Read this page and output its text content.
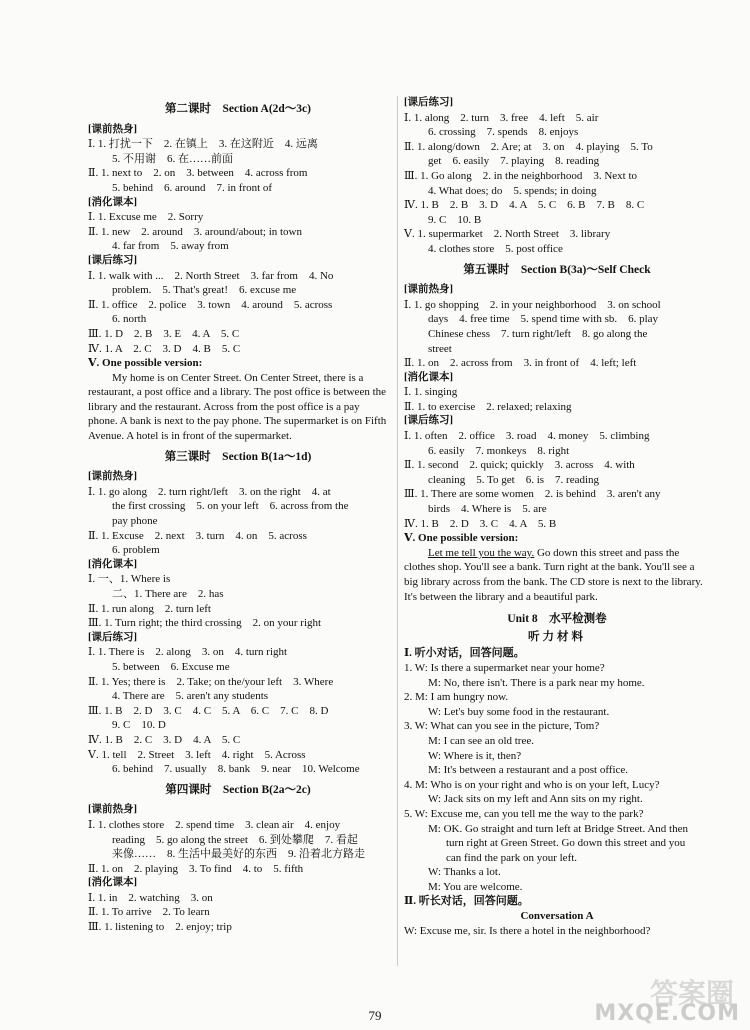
第二课时　Section A(2d～3c)
[课前热身]
Ⅰ. 1. 打扰一下　2. 在镇上　3. 在这附近　4. 远离
5. 不用谢　6. 在……前面
Ⅱ. 1. next to　2. on　3. between　4. across from
5. behind　6. around　7. in front of
[消化课本]
Ⅰ. 1. Excuse me　2. Sorry
Ⅱ. 1. new　2. around　3. around/about; in town
4. far from　5. away from
[课后练习]
Ⅰ. 1. walk with ...　2. North Street　3. far from　4. No
problem.　5. That's great!　6. excuse me
Ⅱ. 1. office　2. police　3. town　4. around　5. across
6. north
Ⅲ. 1. D　2. B　3. E　4. A　5. C
Ⅳ. 1. A　2. C　3. D　4. B　5. C
Ⅴ. One possible version:
My home is on Center Street. On Center Street, there is a restaurant, a post office and a library. The post office is between the library and the restaurant. Across from the post office is a pay phone. A bank is next to the pay phone. The supermarket is on Fifth Avenue. A hotel is in front of the supermarket.
第三课时　Section B(1a～1d)
[课前热身]
Ⅰ. 1. go along　2. turn right/left　3. on the right　4. at
the first crossing　5. on your left　6. across from the
pay phone
Ⅱ. 1. Excuse　2. next　3. turn　4. on　5. across
6. problem
[消化课本]
Ⅰ. 一、1. Where is
二、1. There are　2. has
Ⅱ. 1. run along　2. turn left
Ⅲ. 1. Turn right; the third crossing　2. on your right
[课后练习]
Ⅰ. 1. There is　2. along　3. on　4. turn right
5. between　6. Excuse me
Ⅱ. 1. Yes; there is　2. Take; on the/your left　3. Where
4. There are　5. aren't any students
Ⅲ. 1. B　2. D　3. C　4. C　5. A　6. C　7. C　8. D
9. C　10. D
Ⅳ. 1. B　2. C　3. D　4. A　5. C
Ⅴ. 1. tell　2. Street　3. left　4. right　5. Across
6. behind　7. usually　8. bank　9. near　10. Welcome
第四课时　Section B(2a～2c)
[课前热身]
Ⅰ. 1. clothes store　2. spend time　3. clean air　4. enjoy
reading　5. go along the street　6. 到处攀爬　7. 看起
来像……　8. 生活中最美好的东西　9. 沿着北方路走
Ⅱ. 1. on　2. playing　3. To find　4. to　5. fifth
[消化课本]
Ⅰ. 1. in　2. watching　3. on
Ⅱ. 1. To arrive　2. To learn
Ⅲ. 1. listening to　2. enjoy; trip
[课后练习]
Ⅰ. 1. along　2. turn　3. free　4. left　5. air
6. crossing　7. spends　8. enjoys
Ⅱ. 1. along/down　2. Are; at　3. on　4. playing　5. To
get　6. easily　7. playing　8. reading
Ⅲ. 1. Go along　2. in the neighborhood　3. Next to
4. What does; do　5. spends; in doing
Ⅳ. 1. B　2. B　3. D　4. A　5. C　6. B　7. B　8. C
9. C　10. B
Ⅴ. 1. supermarket　2. North Street　3. library
4. clothes store　5. post office
第五课时　Section B(3a)～Self Check
[课前热身]
Ⅰ. 1. go shopping　2. in your neighborhood　3. on school
days　4. free time　5. spend time with sb.　6. play
Chinese chess　7. turn right/left　8. go along the
street
Ⅱ. 1. on　2. across from　3. in front of　4. left; left
[消化课本]
Ⅰ. 1. singing
Ⅱ. 1. to exercise　2. relaxed; relaxing
[课后练习]
Ⅰ. 1. often　2. office　3. road　4. money　5. climbing
6. easily　7. monkeys　8. right
Ⅱ. 1. second　2. quick; quickly　3. across　4. with
cleaning　5. To get　6. is　7. reading
Ⅲ. 1. There are some women　2. is behind　3. aren't any
birds　4. Where is　5. are
Ⅳ. 1. B　2. D　3. C　4. A　5. B
Ⅴ. One possible version:
Let me tell you the way. Go down this street and pass the clothes shop. You'll see a bank. Turn right at the bank. You'll see a big library across from the bank. The CD store is next to the library. It's between the library and a beautiful park.
Unit 8　水平检测卷
听力材料
Ⅰ. 听小对话，回答问题。
1. W: Is there a supermarket near your home?
M: No, there isn't. There is a park near my home.
2. M: I am hungry now.
W: Let's buy some food in the restaurant.
3. W: What can you see in the picture, Tom?
M: I can see an old tree.
W: Where is it, then?
M: It's between a restaurant and a post office.
4. M: Who is on your right and who is on your left, Lucy?
W: Jack sits on my left and Ann sits on my right.
5. W: Excuse me, can you tell me the way to the park?
M: OK. Go straight and turn left at Bridge Street. And then
turn right at Green Street. Go down this street and you
can find the park on your left.
W: Thanks a lot.
M: You are welcome.
Ⅱ. 听长对话，回答问题。
Conversation A
W: Excuse me, sir. Is there a hotel in the neighborhood?
79
答案圈
MXQE.COM
